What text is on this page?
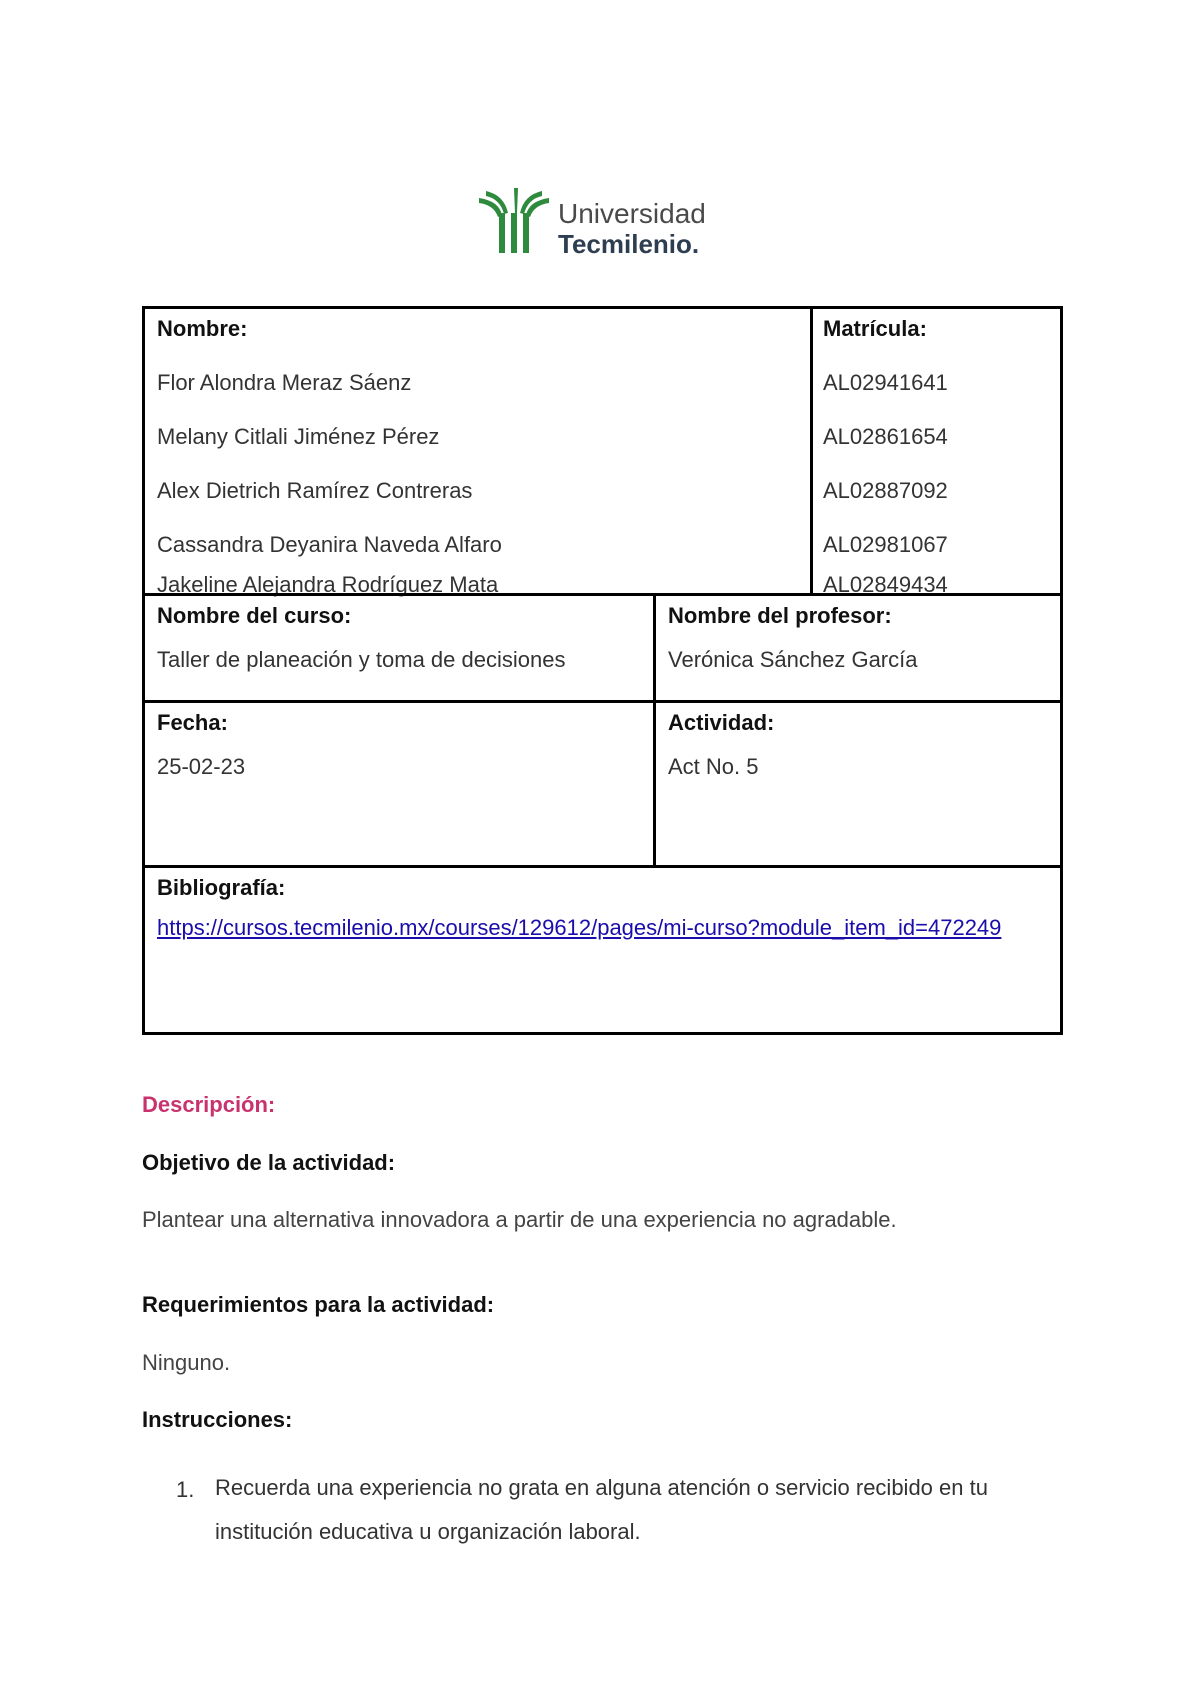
Universidad
Tecmilenio.

Nombre:

Flor Alondra Meraz Sáenz

Melany Citlali Jiménez Pérez

Alex Dietrich Ramírez Contreras

Cassandra Deyanira Naveda Alfaro

Jakeline Alejandra Rodríguez Mata

Matrícula:

AL02941641

AL02861654

AL02887092

AL02981067

AL02849434

Nombre del curso:

Taller de planeación y toma de decisiones

Nombre del profesor:

Verónica Sánchez García

Fecha:

25-02-23

Actividad:

Act No. 5

Bibliografía:

https://cursos.tecmilenio.mx/courses/129612/pages/mi-curso?module_item_id=472249

Descripción:

Objetivo de la actividad:

Plantear una alternativa innovadora a partir de una experiencia no agradable.

Requerimientos para la actividad:

Ninguno.

Instrucciones:

1. Recuerda una experiencia no grata en alguna atención o servicio recibido en tu institución educativa u organización laboral.
